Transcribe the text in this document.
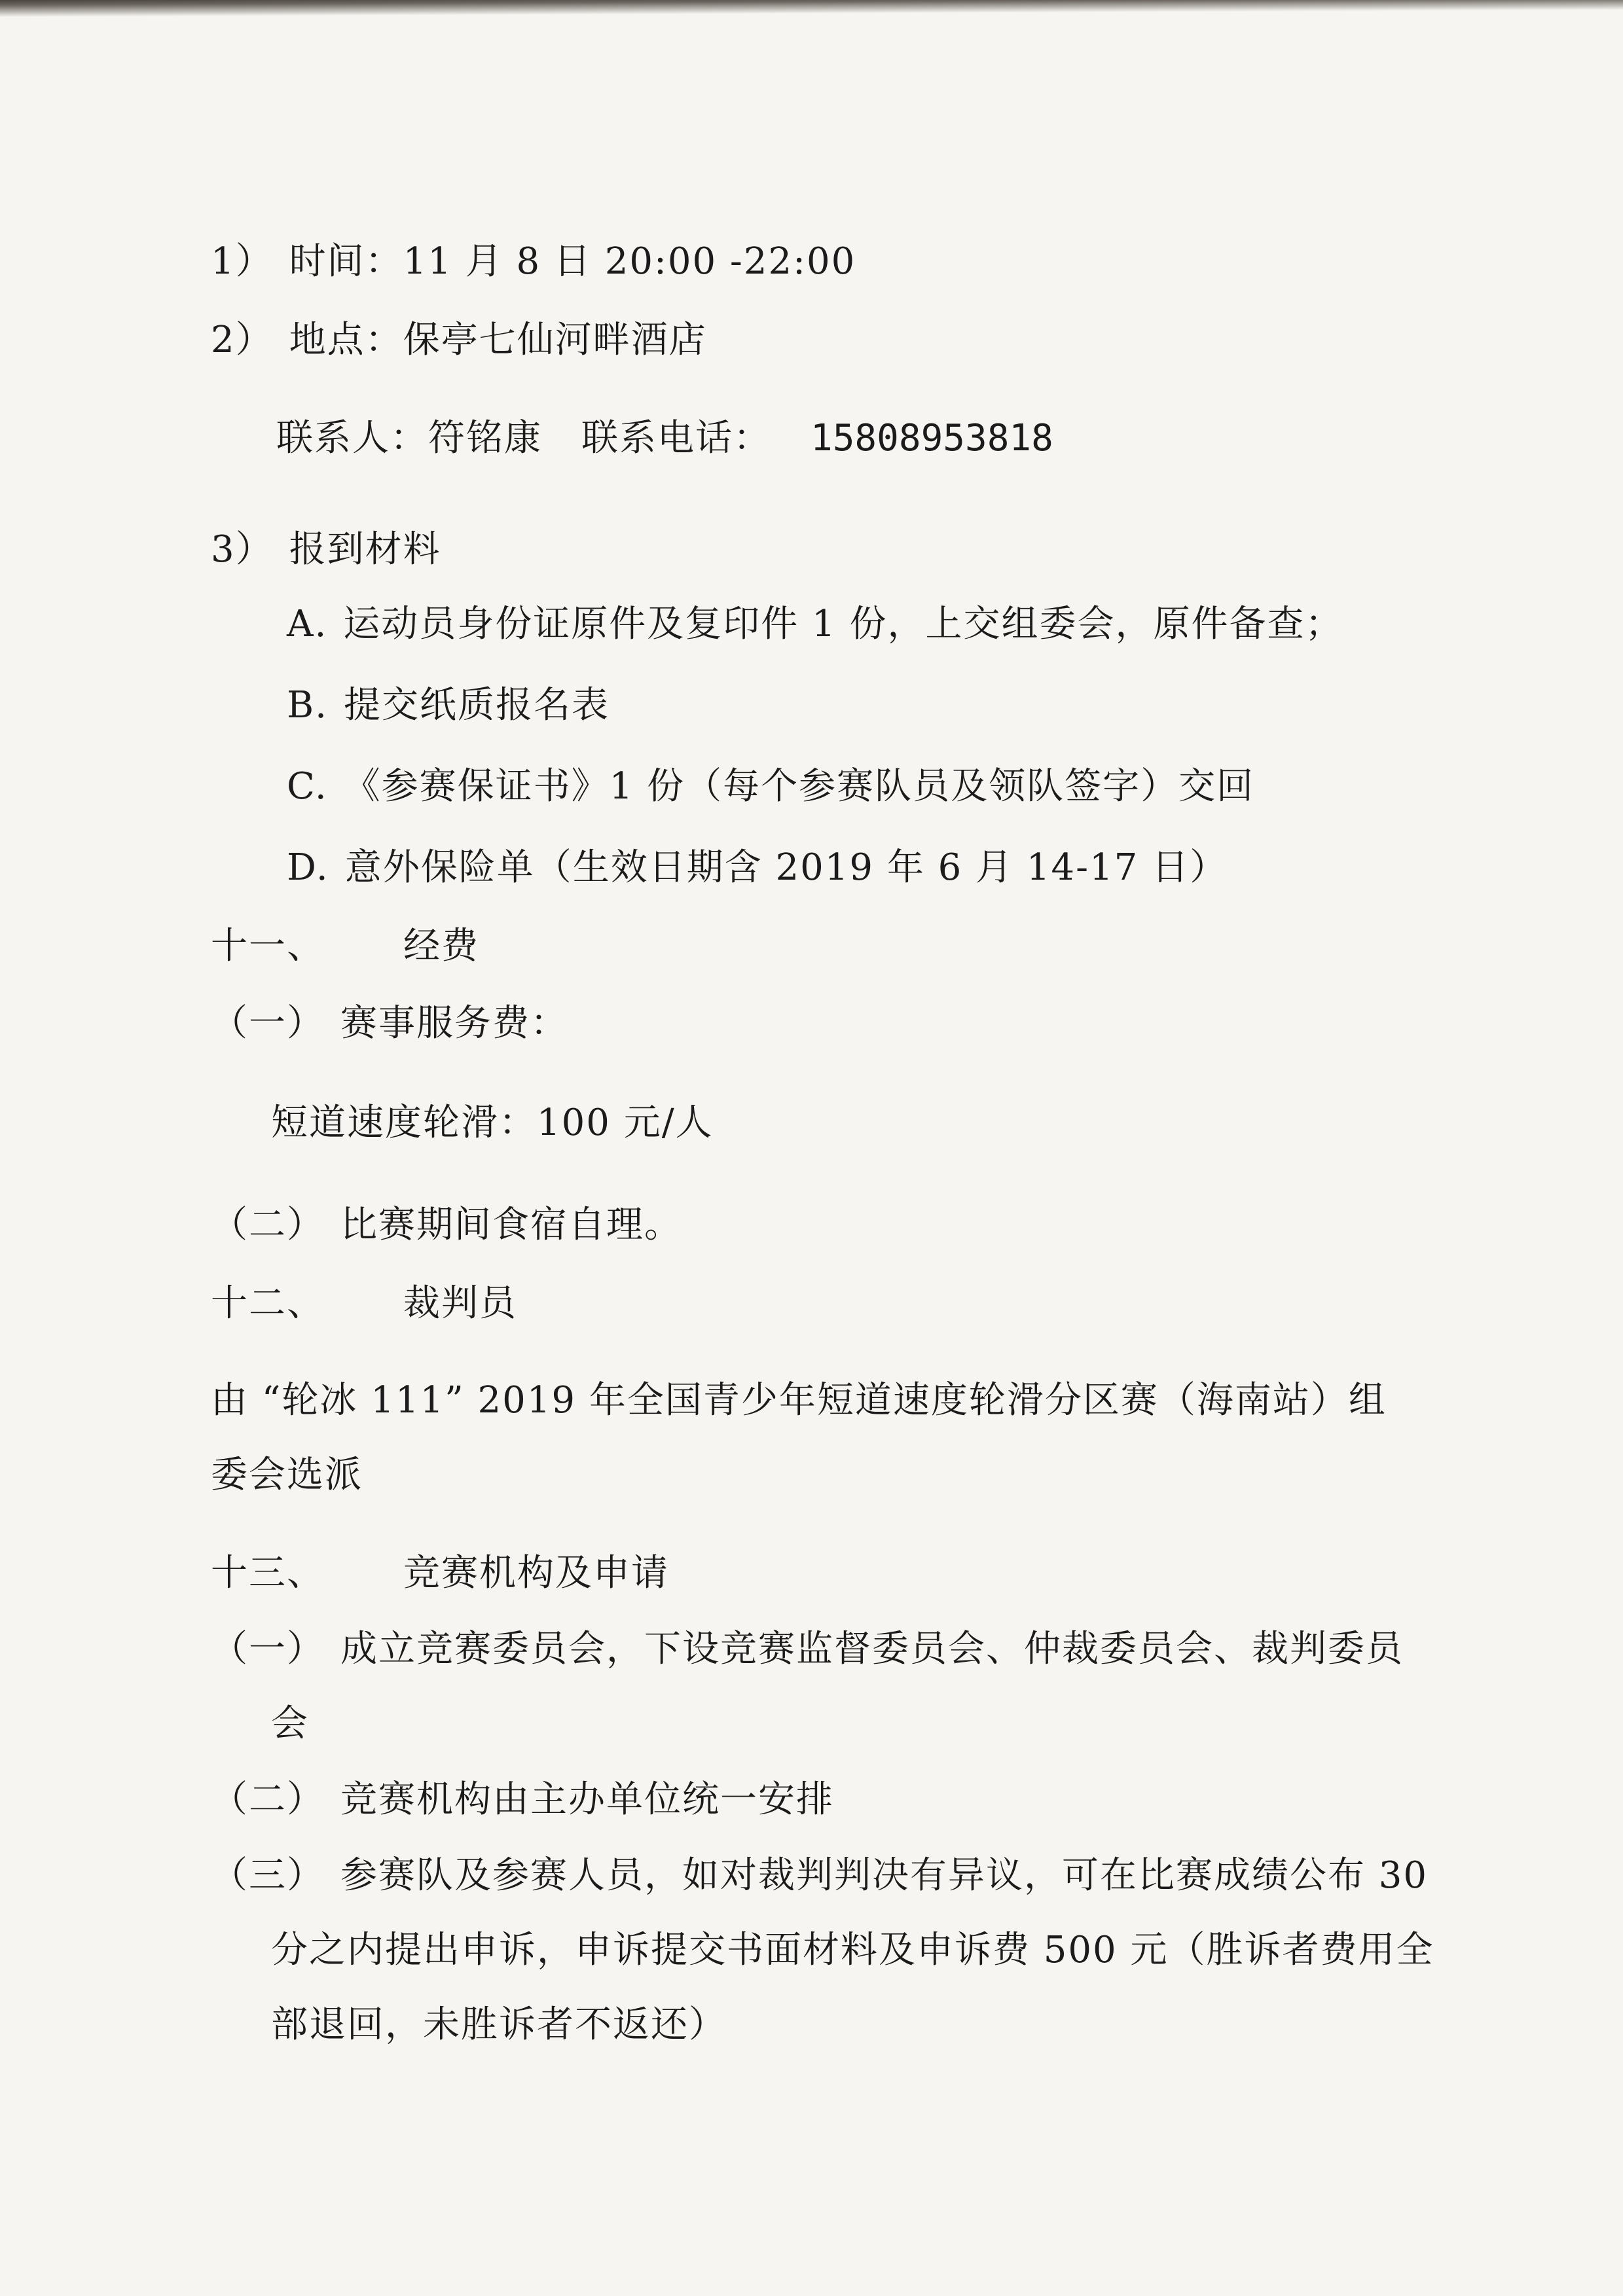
1） 时间：11 月 8 日 20:00 -22:00
2） 地点：保亭七仙河畔酒店
联系人：符铭康 联系电话： 15808953818
3） 报到材料
A. 运动员身份证原件及复印件 1 份，上交组委会，原件备查；
B. 提交纸质报名表
C. 《参赛保证书》1 份（每个参赛队员及领队签字）交回
D. 意外保险单（生效日期含 2019 年 6 月 14-17 日）
十一、 经费
（一） 赛事服务费：
短道速度轮滑：100 元/人
（二） 比赛期间食宿自理。
十二、 裁判员
由 “轮冰 111” 2019 年全国青少年短道速度轮滑分区赛（海南站）组
委会选派
十三、 竞赛机构及申请
（一） 成立竞赛委员会，下设竞赛监督委员会、仲裁委员会、裁判委员
会
（二） 竞赛机构由主办单位统一安排
（三） 参赛队及参赛人员，如对裁判判决有异议，可在比赛成绩公布 30
分之内提出申诉，申诉提交书面材料及申诉费 500 元（胜诉者费用全
部退回，未胜诉者不返还）
